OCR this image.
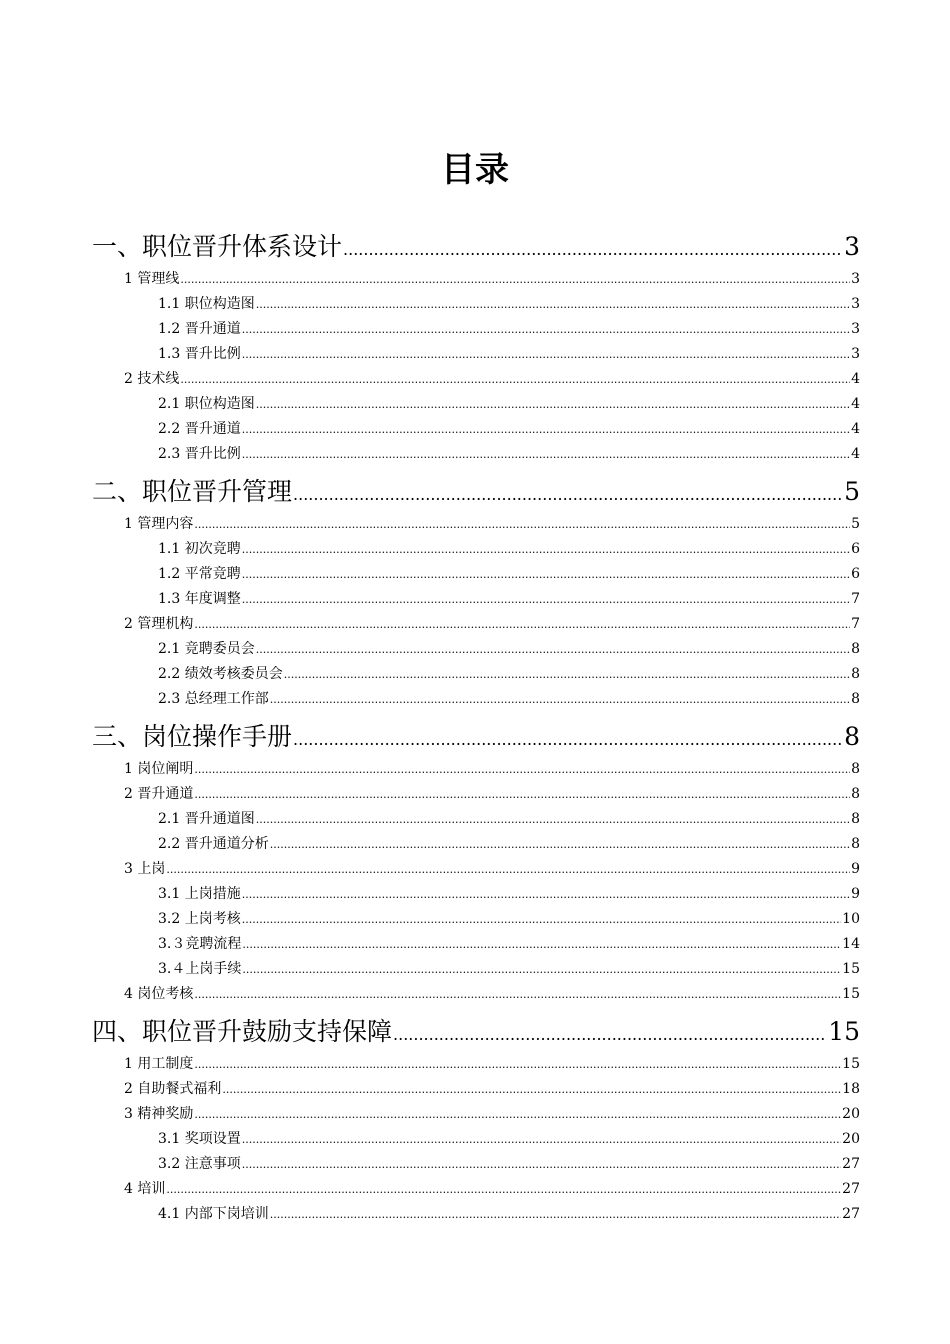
目录
一、职位晋升体系设计 .....	3
1 管理线 .....	3
1.1 职位构造图 .....	3
1.2 晋升通道 .....	3
1.3 晋升比例 .....	3
2 技术线 .....	4
2.1 职位构造图 .....	4
2.2 晋升通道 .....	4
2.3 晋升比例 .....	4
二、职位晋升管理 .....	5
1 管理内容 .....	5
1.1 初次竞聘 .....	6
1.2 平常竞聘 .....	6
1.3 年度调整 .....	7
2 管理机构 .....	7
2.1 竞聘委员会 .....	8
2.2 绩效考核委员会 .....	8
2.3 总经理工作部 .....	8
三、岗位操作手册 .....	8
1 岗位阐明 .....	8
2 晋升通道 .....	8
2.1 晋升通道图 .....	8
2.2 晋升通道分析 .....	8
3 上岗 .....	9
3.1 上岗措施 .....	9
3.2 上岗考核 .....	10
3.３竞聘流程 .....	14
3.４上岗手续 .....	15
4 岗位考核 .....	15
四、职位晋升鼓励支持保障 .....	15
1 用工制度 .....	15
2 自助餐式福利 .....	18
3 精神奖励 .....	20
3.1 奖项设置 .....	20
3.2 注意事项 .....	27
4 培训 .....	27
4.1 内部下岗培训 .....	27
